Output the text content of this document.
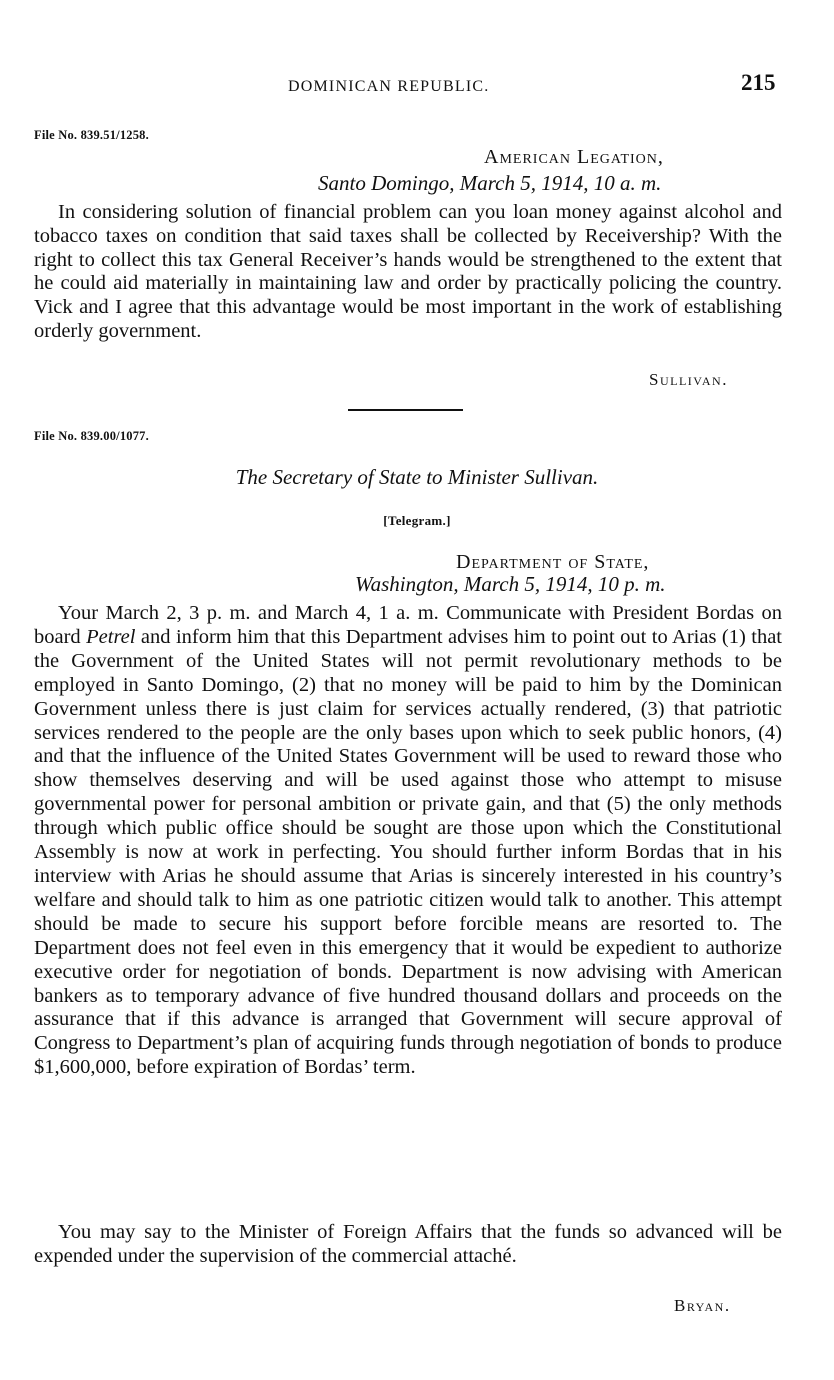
DOMINICAN REPUBLIC.	215
File No. 839.51/1258.
American Legation,
Santo Domingo, March 5, 1914, 10 a. m.
In considering solution of financial problem can you loan money against alcohol and tobacco taxes on condition that said taxes shall be collected by Receivership? With the right to collect this tax General Receiver’s hands would be strengthened to the extent that he could aid materially in maintaining law and order by practically policing the country. Vick and I agree that this advantage would be most important in the work of establishing orderly government.
Sullivan.
File No. 839.00/1077.
The Secretary of State to Minister Sullivan.
[Telegram.]
Department of State,
Washington, March 5, 1914, 10 p. m.
Your March 2, 3 p. m. and March 4, 1 a. m. Communicate with President Bordas on board Petrel and inform him that this Department advises him to point out to Arias (1) that the Government of the United States will not permit revolutionary methods to be employed in Santo Domingo, (2) that no money will be paid to him by the Dominican Government unless there is just claim for services actually rendered, (3) that patriotic services rendered to the people are the only bases upon which to seek public honors, (4) and that the influence of the United States Government will be used to reward those who show themselves deserving and will be used against those who attempt to misuse governmental power for personal ambition or private gain, and that (5) the only methods through which public office should be sought are those upon which the Constitutional Assembly is now at work in perfecting. You should further inform Bordas that in his interview with Arias he should assume that Arias is sincerely interested in his country’s welfare and should talk to him as one patriotic citizen would talk to another. This attempt should be made to secure his support before forcible means are resorted to. The Department does not feel even in this emergency that it would be expedient to authorize executive order for negotiation of bonds. Department is now advising with American bankers as to temporary advance of five hundred thousand dollars and proceeds on the assurance that if this advance is arranged that Government will secure approval of Congress to Department’s plan of acquiring funds through negotiation of bonds to produce $1,600,000, before expiration of Bordas’ term.
You may say to the Minister of Foreign Affairs that the funds so advanced will be expended under the supervision of the commercial attaché.
Bryan.
